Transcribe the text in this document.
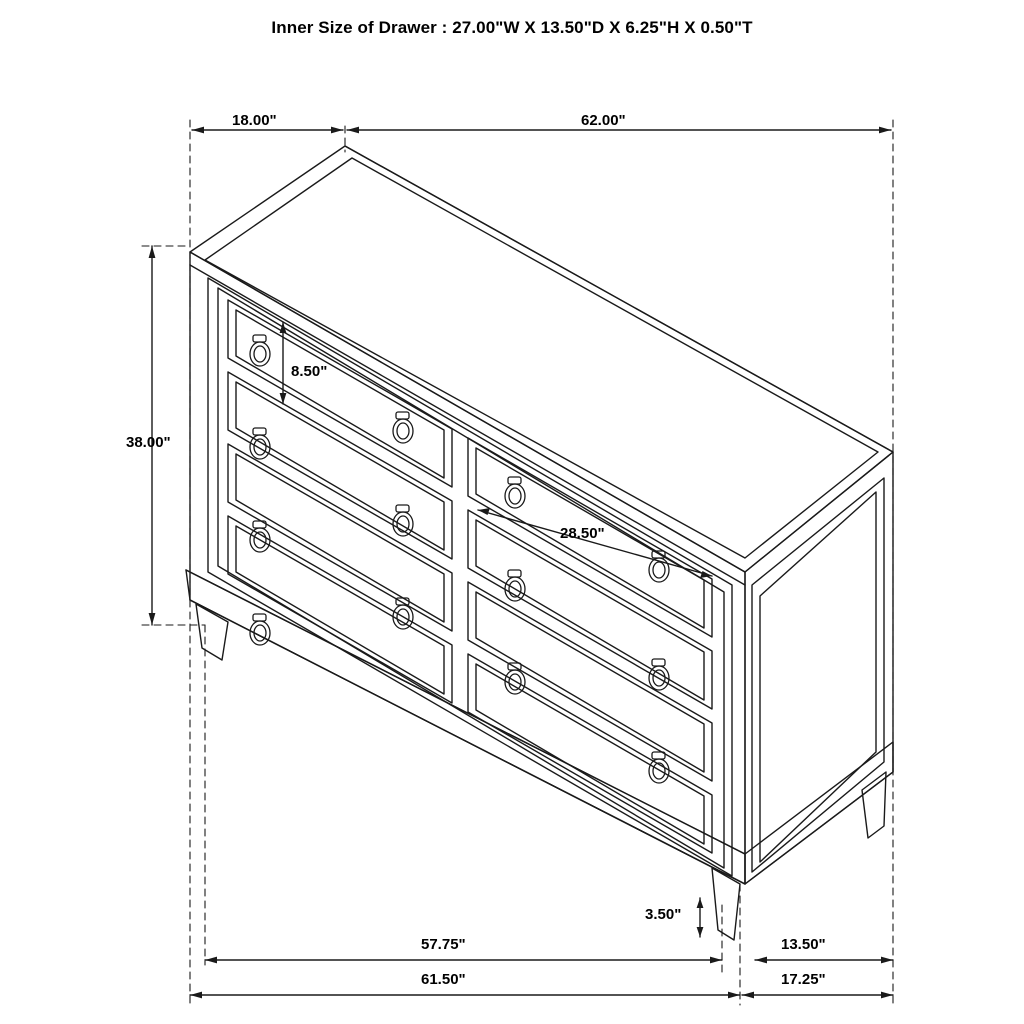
Inner Size of Drawer : 27.00"W X 13.50"D X 6.25"H X 0.50"T
18.00"	62.00"
38.00"
8.50"
28.50"
3.50"
57.75"
61.50"
13.50"
17.25"
